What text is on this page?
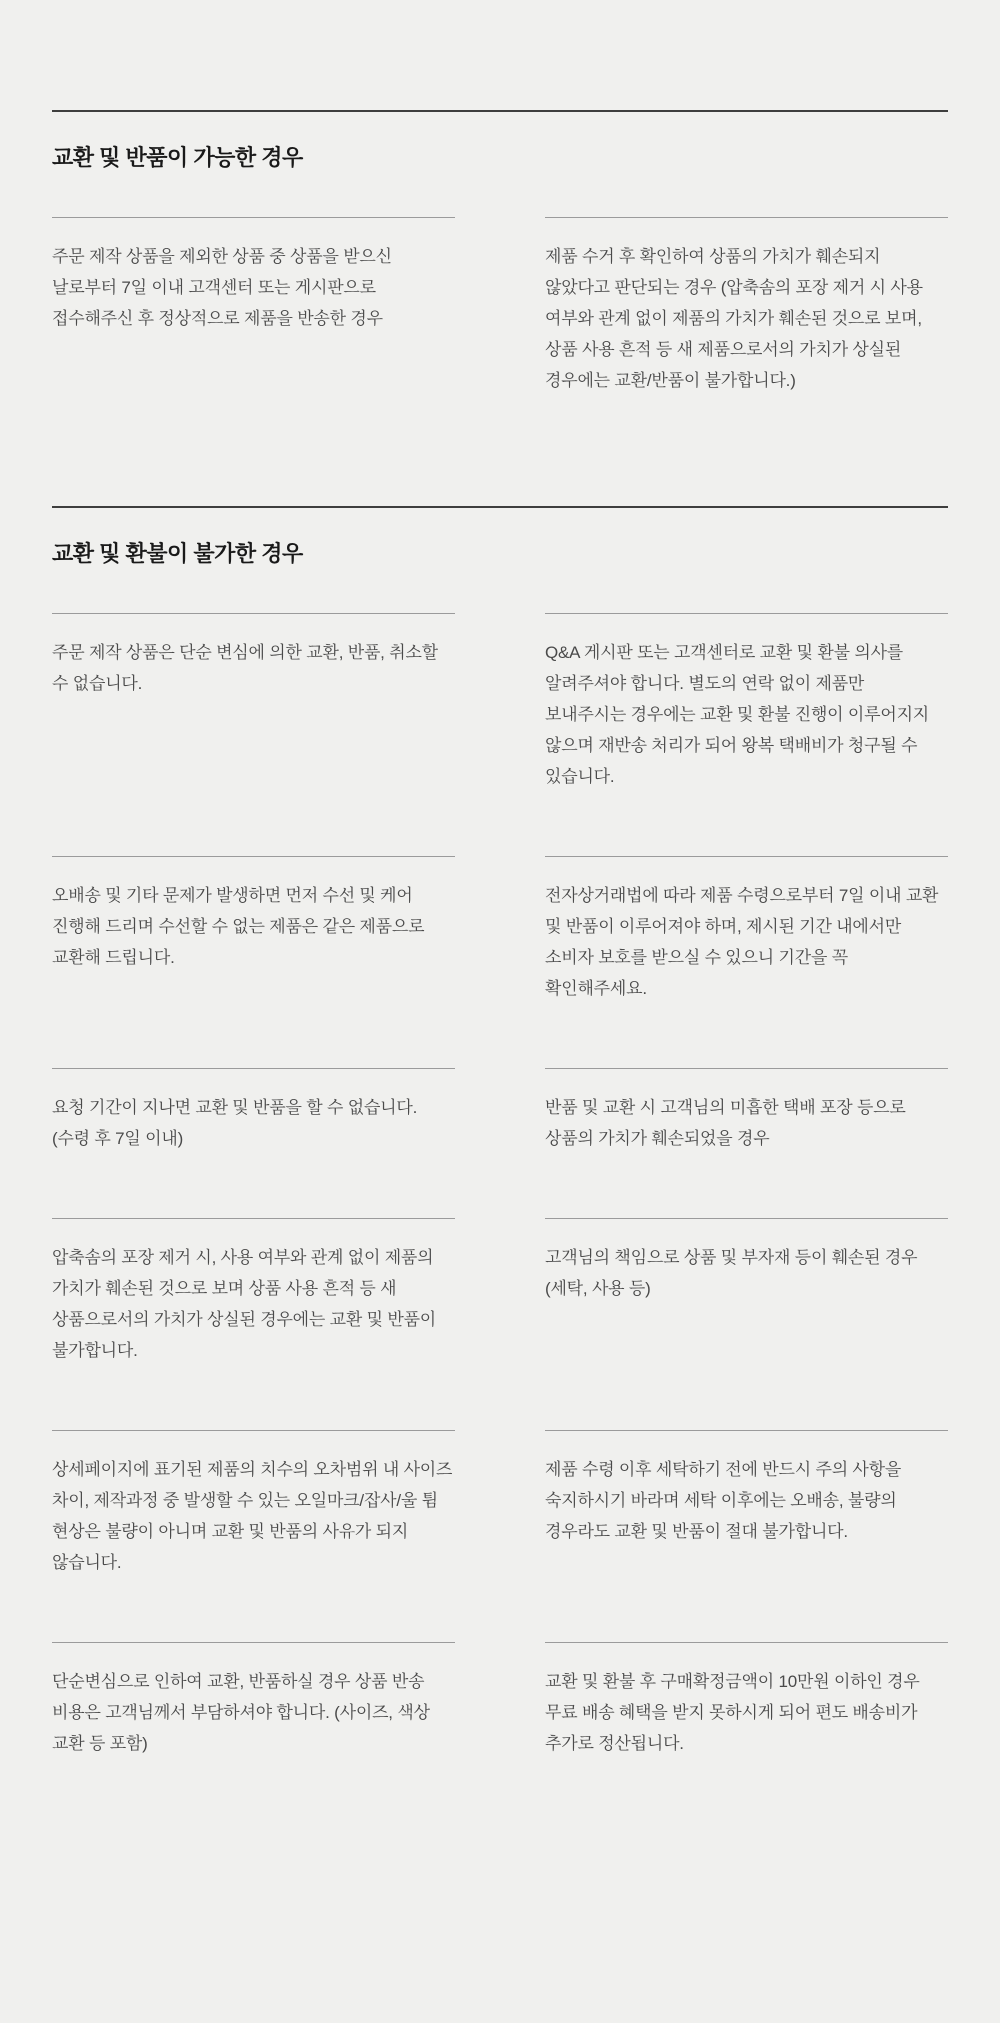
교환 및 반품이 가능한 경우
주문 제작 상품을 제외한 상품 중 상품을 받으신 날로부터 7일 이내 고객센터 또는 게시판으로 접수해주신 후 정상적으로 제품을 반송한 경우
제품 수거 후 확인하여 상품의 가치가 훼손되지 않았다고 판단되는 경우 (압축솜의 포장 제거 시 사용 여부와 관계 없이 제품의 가치가 훼손된 것으로 보며, 상품 사용 흔적 등 새 제품으로서의 가치가 상실된 경우에는 교환/반품이 불가합니다.)
교환 및 환불이 불가한 경우
주문 제작 상품은 단순 변심에 의한 교환, 반품, 취소할 수 없습니다.
Q&A 게시판 또는 고객센터로 교환 및 환불 의사를 알려주셔야 합니다. 별도의 연락 없이 제품만 보내주시는 경우에는 교환 및 환불 진행이 이루어지지 않으며 재반송 처리가 되어 왕복 택배비가 청구될 수 있습니다.
오배송 및 기타 문제가 발생하면 먼저 수선 및 케어 진행해 드리며 수선할 수 없는 제품은 같은 제품으로 교환해 드립니다.
전자상거래법에 따라 제품 수령으로부터 7일 이내 교환 및 반품이 이루어져야 하며, 제시된 기간 내에서만 소비자 보호를 받으실 수 있으니 기간을 꼭 확인해주세요.
요청 기간이 지나면 교환 및 반품을 할 수 없습니다. (수령 후 7일 이내)
반품 및 교환 시 고객님의 미흡한 택배 포장 등으로 상품의 가치가 훼손되었을 경우
압축솜의 포장 제거 시, 사용 여부와 관계 없이 제품의 가치가 훼손된 것으로 보며 상품 사용 흔적 등 새 상품으로서의 가치가 상실된 경우에는 교환 및 반품이 불가합니다.
고객님의 책임으로 상품 및 부자재 등이 훼손된 경우(세탁, 사용 등)
상세페이지에 표기된 제품의 치수의 오차범위 내 사이즈 차이, 제작과정 중 발생할 수 있는 오일마크/잡사/울 튐 현상은 불량이 아니며 교환 및 반품의 사유가 되지 않습니다.
제품 수령 이후 세탁하기 전에 반드시 주의 사항을 숙지하시기 바라며 세탁 이후에는 오배송, 불량의 경우라도 교환 및 반품이 절대 불가합니다.
단순변심으로 인하여 교환, 반품하실 경우 상품 반송 비용은 고객님께서 부담하셔야 합니다. (사이즈, 색상 교환 등 포함)
교환 및 환불 후 구매확정금액이 10만원 이하인 경우 무료 배송 혜택을 받지 못하시게 되어 편도 배송비가 추가로 정산됩니다.
